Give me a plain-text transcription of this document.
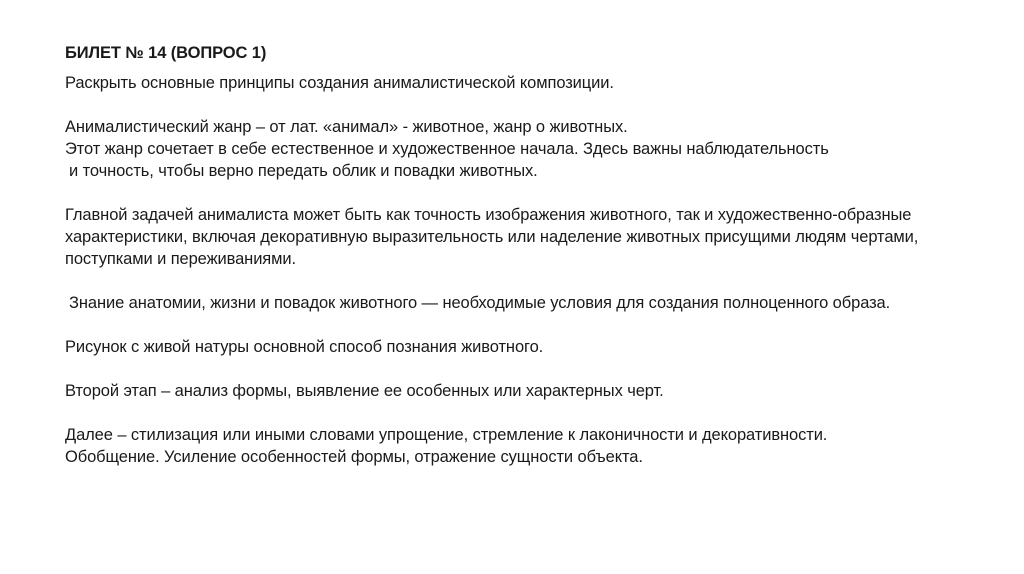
БИЛЕТ № 14 (ВОПРОС 1)
Раскрыть основные принципы создания анималистической композиции.
Анималистический жанр – от лат. «анимал» - животное, жанр о животных.
Этот жанр сочетает в себе естественное и художественное начала. Здесь важны наблюдательность
и точность, чтобы верно передать облик и повадки животных.
Главной задачей анималиста может быть как точность изображения животного, так и художественно-образные
характеристики, включая декоративную выразительность или наделение животных присущими людям чертами,
поступками и переживаниями.
Знание анатомии, жизни и повадок животного — необходимые условия для создания полноценного образа.
Рисунок с живой натуры основной способ познания животного.
Второй этап – анализ формы, выявление ее особенных или характерных черт.
Далее – стилизация или иными словами упрощение, стремление к лаконичности и декоративности.
Обобщение. Усиление особенностей формы, отражение сущности объекта.
